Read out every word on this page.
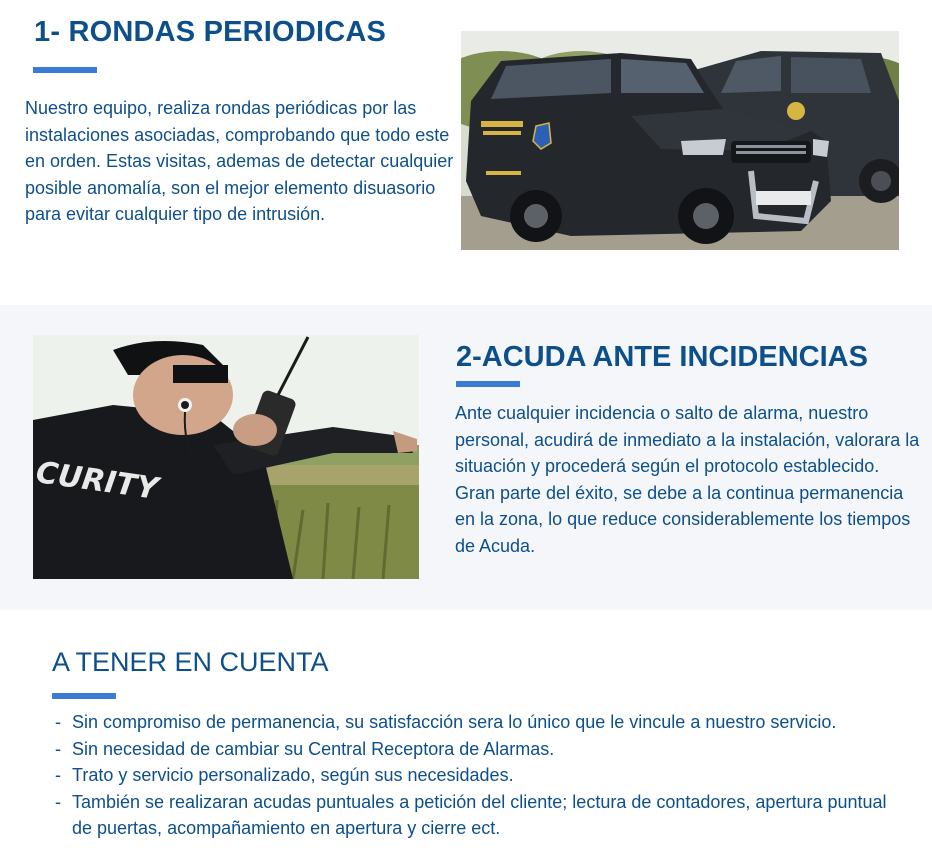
1- RONDAS PERIODICAS
Nuestro equipo, realiza rondas periódicas por las instalaciones asociadas, comprobando que todo este en orden. Estas visitas, ademas de detectar cualquier posible anomalía, son el mejor elemento disuasorio para evitar cualquier tipo de intrusión.
CURITY
2-ACUDA ANTE INCIDENCIAS
Ante cualquier incidencia o salto de alarma, nuestro personal, acudirá de inmediato a la instalación, valorara la situación y procederá según el protocolo establecido.
Gran parte del éxito, se debe a la continua permanencia en la zona, lo que reduce considerablemente los tiempos de Acuda.
A TENER EN CUENTA
- Sin compromiso de permanencia, su satisfacción sera lo único que le vincule a nuestro servicio.
- Sin necesidad de cambiar su Central Receptora de Alarmas.
- Trato y servicio personalizado, según sus necesidades.
- También se realizaran acudas puntuales a petición del cliente; lectura de contadores, apertura puntual de puertas, acompañamiento en apertura y cierre ect.
